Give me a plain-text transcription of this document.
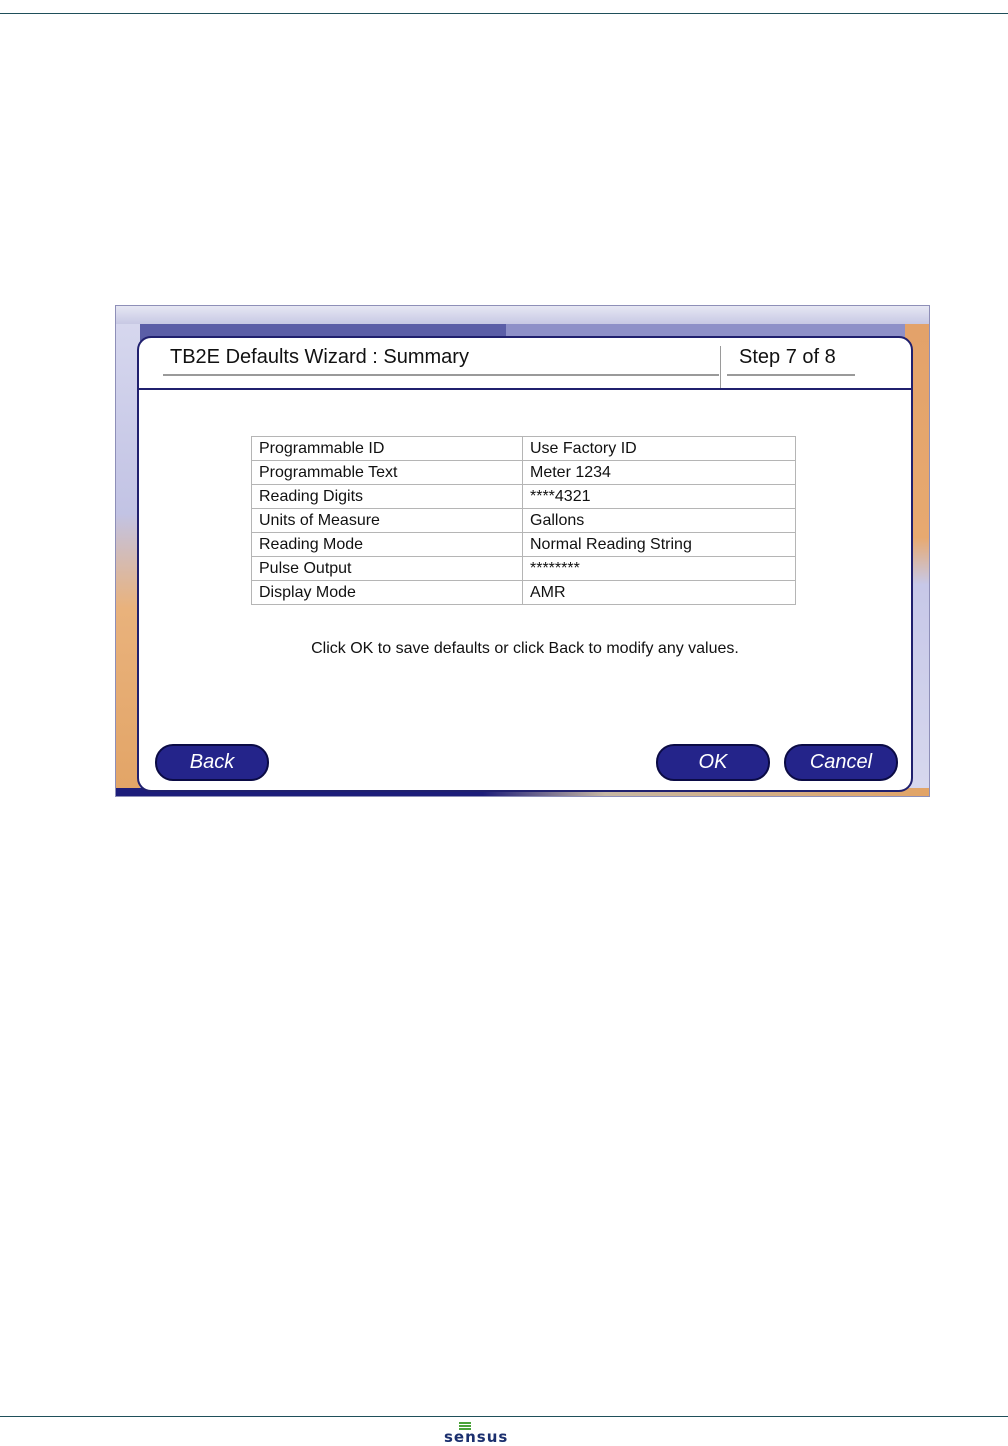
TB2E Defaults Wizard : Summary	Step 7 of 8
Programmable ID	Use Factory ID
Programmable Text	Meter 1234
Reading Digits	****4321
Units of Measure	Gallons
Reading Mode	Normal Reading String
Pulse Output	********
Display Mode	AMR
Click OK to save defaults or click Back to modify any values.
Back	OK	Cancel
sensus
